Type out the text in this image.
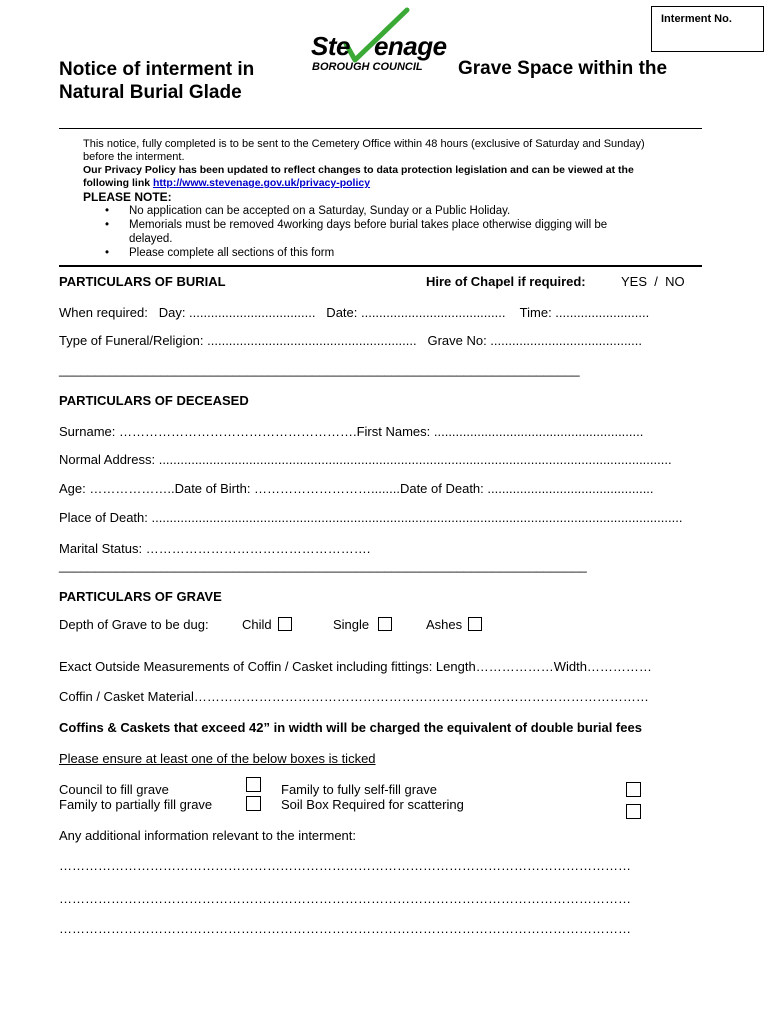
Interment No.
Ste enage
BOROUGH COUNCIL
Notice of interment in
Natural Burial Glade
Grave Space within the
This notice, fully completed is to be sent to the Cemetery Office within 48 hours (exclusive of Saturday and Sunday)
before the interment.
Our Privacy Policy has been updated to reflect changes to data protection legislation and can be viewed at the
following link http://www.stevenage.gov.uk/privacy-policy
PLEASE NOTE:
• No application can be accepted on a Saturday, Sunday or a Public Holiday.
• Memorials must be removed 4working days before burial takes place otherwise digging will be
delayed.
• Please complete all sections of this form
PARTICULARS OF BURIAL	Hire of Chapel if required:	YES  /  NO
When required:   Day: ...................................   Date: ........................................    Time: ..........................
Type of Funeral/Religion: ..........................................................   Grave No: ..........................................
________________________________________________________________________
PARTICULARS OF DECEASED
Surname: ……………………………………………….First Names: ..........................................................
Normal Address: ..............................................................................................................................................
Age: ………………..Date of Birth: ………………………........Date of Death: ..............................................
Place of Death: ...................................................................................................................................................
Marital Status: …………………………………………….
_________________________________________________________________________
PARTICULARS OF GRAVE
Depth of Grave to be dug:	Child	Single	Ashes
Exact Outside Measurements of Coffin / Casket including fittings: Length………………Width……………
Coffin / Casket Material……………………………………………………………………………………………
Coffins & Caskets that exceed 42” in width will be charged the equivalent of double burial fees
Please ensure at least one of the below boxes is ticked
Council to fill grave
Family to partially fill grave
Family to fully self-fill grave
Soil Box Required for scattering
Any additional information relevant to the interment:
……………………………………………………………………………………………………………………
……………………………………………………………………………………………………………………
……………………………………………………………………………………………………………………
